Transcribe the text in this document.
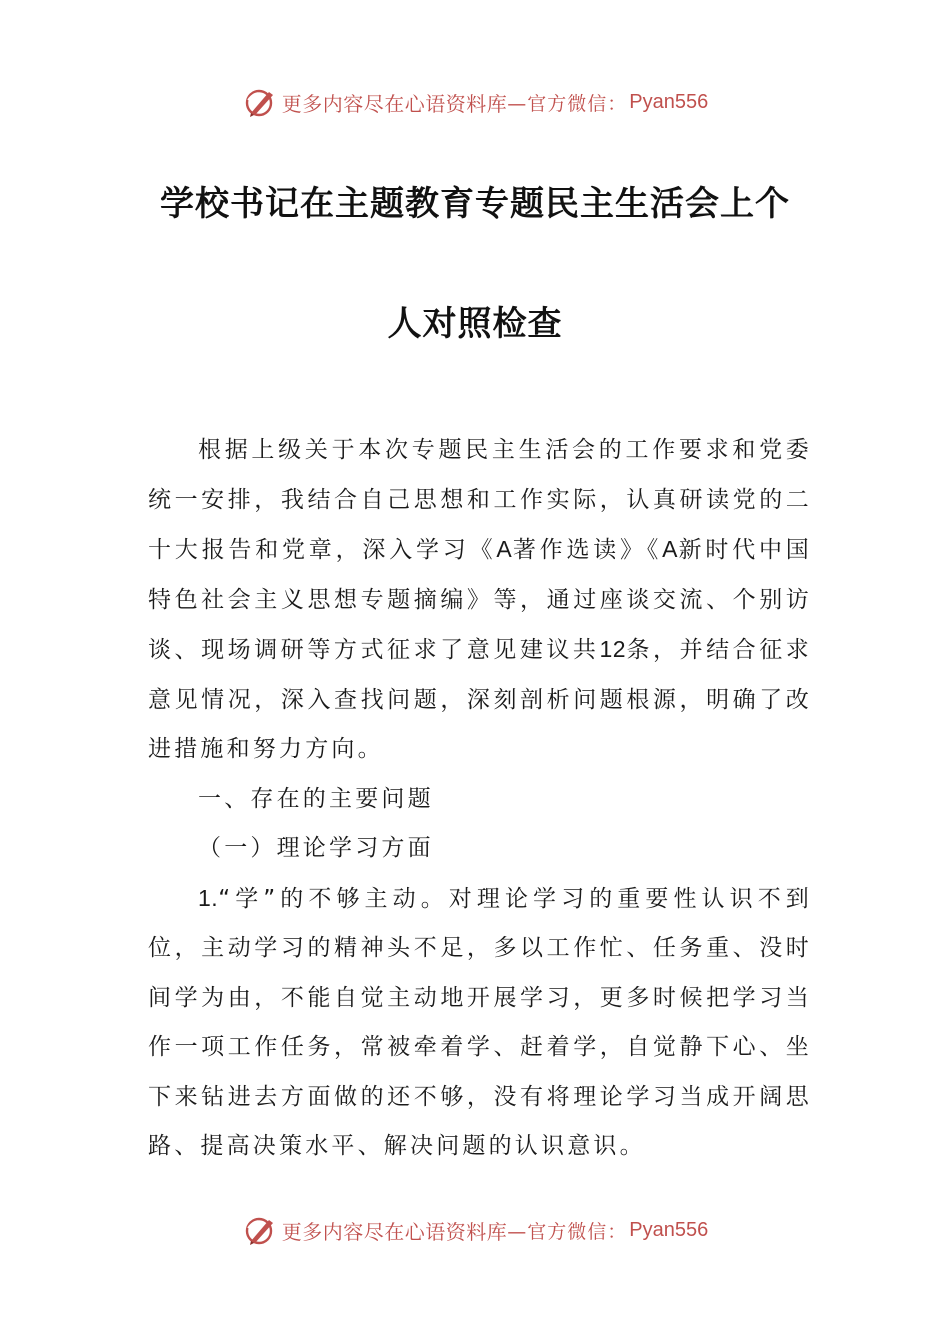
更多内容尽在心语资料库 —官方微信： Pyan556
学校书记在主题教育专题民主生活会上个
人对照检查

根据上级关于本次专题民主生活会的工作要求和党委统一安排，我结合自己思想和工作实际，认真研读党的二十大报告和党章，深入学习《A著作选读》《A新时代中国特色社会主义思想专题摘编》等，通过座谈交流、个别访谈、现场调研等方式征求了意见建议共12条，并结合征求意见情况，深入查找问题，深刻剖析问题根源，明确了改进措施和努力方向。

一、存在的主要问题

（一）理论学习方面

1.“学”的不够主动。对理论学习的重要性认识不到位，主动学习的精神头不足，多以工作忙、任务重、没时间学为由，不能自觉主动地开展学习，更多时候把学习当作一项工作任务，常被牵着学、赶着学，自觉静下心、坐下来钻进去方面做的还不够，没有将理论学习当成开阔思路、提高决策水平、解决问题的认识意识。

更多内容尽在心语资料库 —官方微信： Pyan556
